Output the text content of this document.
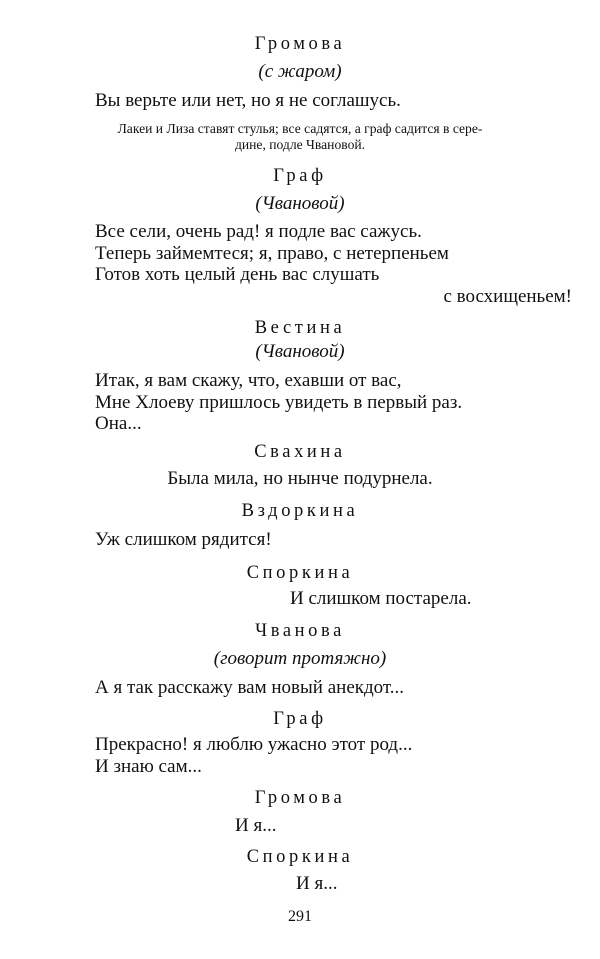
Громова
(с жаром)
Вы верьте или нет, но я не соглашусь.
Лакеи и Лиза ставят стулья; все садятся, а граф садится в сере-
дине, подле Чвановой.
Граф
(Чвановой)
Все сели, очень рад! я подле вас сажусь.
Теперь займемтеся; я, право, с нетерпеньем
Готов хоть целый день вас слушать
с восхищеньем!
Вестина
(Чвановой)
Итак, я вам скажу, что, ехавши от вас,
Мне Хлоеву пришлось увидеть в первый раз.
Она...
Свахина
Была мила, но нынче подурнела.
Вздоркина
Уж слишком рядится!
Споркина
И слишком постарела.
Чванова
(говорит протяжно)
А я так расскажу вам новый анекдот...
Граф
Прекрасно! я люблю ужасно этот род...
И знаю сам...
Громова
И я...
Споркина
И я...
291
